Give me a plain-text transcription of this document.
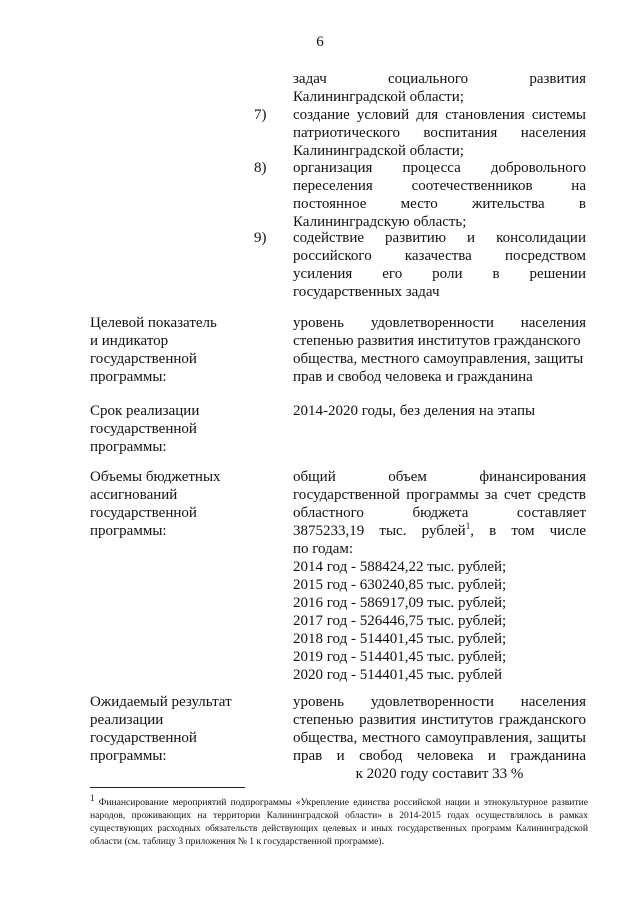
6
задач социального развития
Калининградской области;
7)	создание условий для становления системы
патриотического воспитания населения
Калининградской области;
8)	организация процесса добровольного
переселения соотечественников на
постоянное место жительства в
Калининградскую область;
9)	содействие развитию и консолидации
российского казачества посредством
усиления его роли в решении
государственных задач
Целевой показатель
и индикатор
государственной
программы:
уровень удовлетворенности населения
степенью развития институтов гражданского
общества, местного самоуправления, защиты
прав и свобод человека и гражданина
Срок реализации
государственной
программы:
2014-2020 годы, без деления на этапы
Объемы бюджетных
ассигнований
государственной
программы:
общий объем финансирования
государственной программы за счет средств
областного бюджета составляет
3875233,19 тыс. рублей$^1$, в том числе
по годам:
2014 год - 588424,22 тыс. рублей;
2015 год - 630240,85 тыс. рублей;
2016 год - 586917,09 тыс. рублей;
2017 год - 526446,75 тыс. рублей;
2018 год - 514401,45 тыс. рублей;
2019 год - 514401,45 тыс. рублей;
2020 год - 514401,45 тыс. рублей
Ожидаемый результат
реализации
государственной
программы:
уровень удовлетворенности населения
степенью развития институтов гражданского
общества, местного самоуправления, защиты
прав и свобод человека и гражданина
к 2020 году составит 33 %
$^1$ Финансирование мероприятий подпрограммы «Укрепление единства российской нации и этнокультурное развитие народов, проживающих на территории Калининградской области» в 2014-2015 годах осуществлялось в рамках существующих расходных обязательств действующих целевых и иных государственных программ Калининградской области (см. таблицу 3 приложения № 1 к государственной программе).
